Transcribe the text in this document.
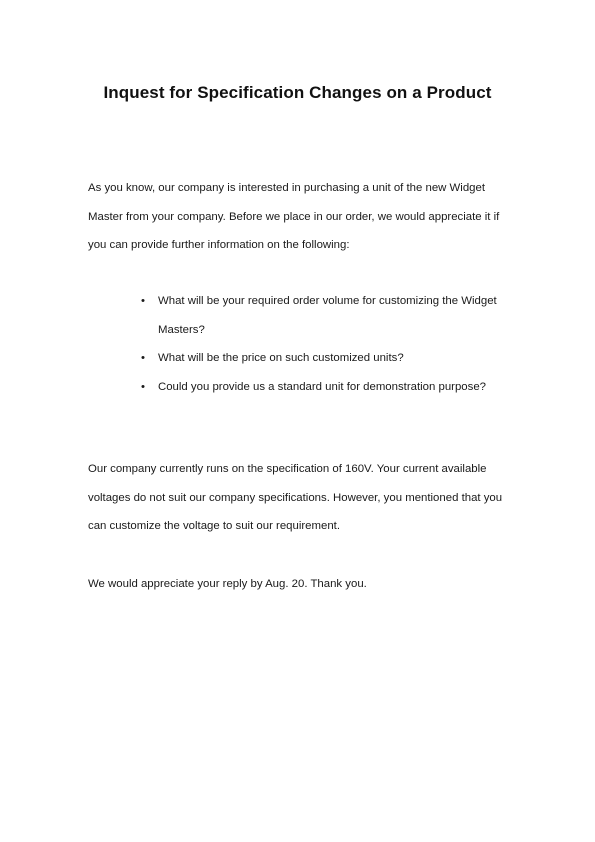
Inquest for Specification Changes on a Product

As you know, our company is interested in purchasing a unit of the new Widget Master from your company. Before we place in our order, we would appreciate it if you can provide further information on the following:

• What will be your required order volume for customizing the Widget Masters?
• What will be the price on such customized units?
• Could you provide us a standard unit for demonstration purpose?

Our company currently runs on the specification of 160V. Your current available voltages do not suit our company specifications. However, you mentioned that you can customize the voltage to suit our requirement.

We would appreciate your reply by Aug. 20. Thank you.
